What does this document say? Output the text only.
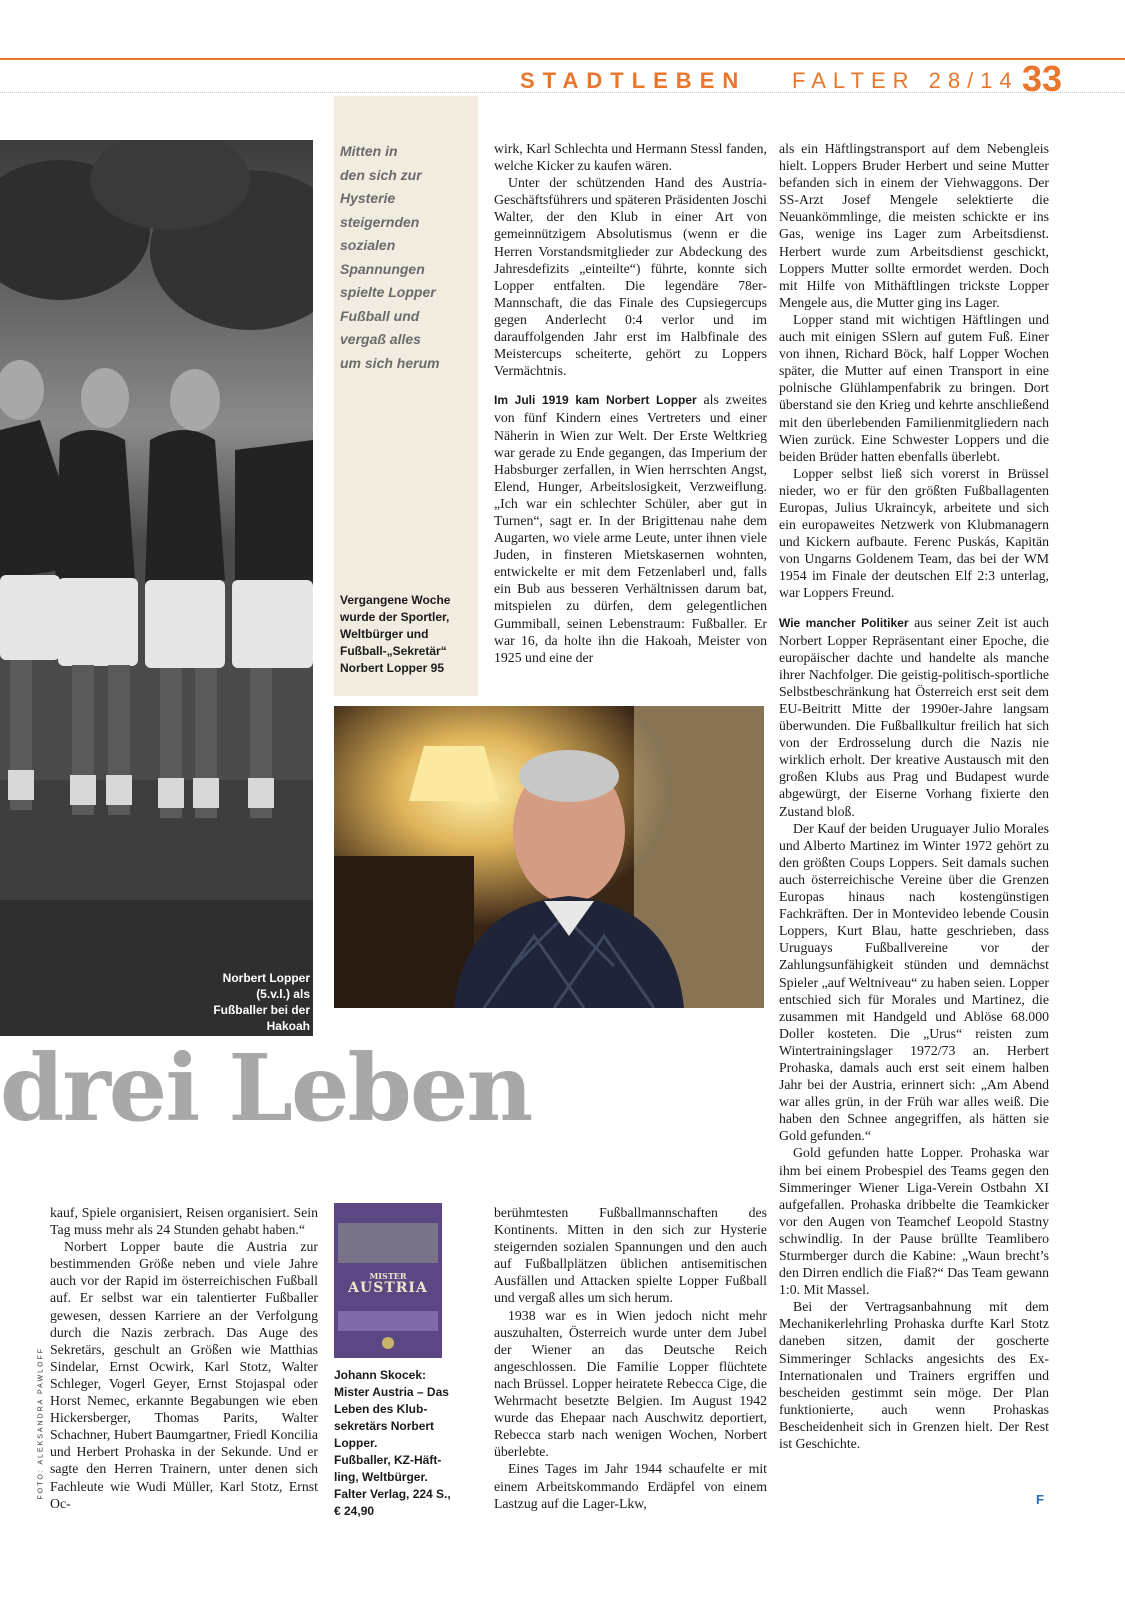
STADTLEBEN FALTER 28/14 33
Norbert Lopper (5.v.l.) als Fußballer bei der Hakoah
Mitten in
den sich zur
Hysterie
steigernden
sozialen
Spannungen
spielte Lopper
Fußball und
vergaß alles
um sich herum
Vergangene Woche
wurde der Sportler,
Weltbürger und
Fußball-„Sekretär“
Norbert Lopper 95
drei Leben

wirk, Karl Schlechta und Hermann Stessl fanden, welche Kicker zu kaufen wären.

Unter der schützenden Hand des Austria-Geschäftsführers und späteren Präsidenten Joschi Walter, der den Klub in einer Art von gemeinnützigem Absolutismus (wenn er die Herren Vorstandsmitglieder zur Abdeckung des Jahresdefizits „einteilte“) führte, konnte sich Lopper entfalten. Die legendäre 78er-Mannschaft, die das Finale des Cupsiegercups gegen Anderlecht 0:4 verlor und im darauffolgenden Jahr erst im Halbfinale des Meistercups scheiterte, gehört zu Loppers Vermächtnis.

Im Juli 1919 kam Norbert Lopper als zweites von fünf Kindern eines Vertreters und einer Näherin in Wien zur Welt. Der Erste Weltkrieg war gerade zu Ende gegangen, das Imperium der Habsburger zerfallen, in Wien herrschten Angst, Elend, Hunger, Arbeitslosigkeit, Verzweiflung. „Ich war ein schlechter Schüler, aber gut in Turnen“, sagt er. In der Brigittenau nahe dem Augarten, wo viele arme Leute, unter ihnen viele Juden, in finsteren Mietskasernen wohnten, entwickelte er mit dem Fetzenlaberl und, falls ein Bub aus besseren Verhältnissen darum bat, mitspielen zu dürfen, dem gelegentlichen Gummiball, seinen Lebenstraum: Fußballer. Er war 16, da holte ihn die Hakoah, Meister von 1925 und eine der

als ein Häftlingstransport auf dem Nebengleis hielt. Loppers Bruder Herbert und seine Mutter befanden sich in einem der Viehwaggons. Der SS-Arzt Josef Mengele selektierte die Neuankömmlinge, die meisten schickte er ins Gas, wenige ins Lager zum Arbeitsdienst. Herbert wurde zum Arbeitsdienst geschickt, Loppers Mutter sollte ermordet werden. Doch mit Hilfe von Mithäftlingen trickste Lopper Mengele aus, die Mutter ging ins Lager.

Lopper stand mit wichtigen Häftlingen und auch mit einigen SSlern auf gutem Fuß. Einer von ihnen, Richard Böck, half Lopper Wochen später, die Mutter auf einen Transport in eine polnische Glühlampenfabrik zu bringen. Dort überstand sie den Krieg und kehrte anschließend mit den überlebenden Familienmitgliedern nach Wien zurück. Eine Schwester Loppers und die beiden Brüder hatten ebenfalls überlebt.

Lopper selbst ließ sich vorerst in Brüssel nieder, wo er für den größten Fußballagenten Europas, Julius Ukraincyk, arbeitete und sich ein europaweites Netzwerk von Klubmanagern und Kickern aufbaute. Ferenc Puskás, Kapitän von Ungarns Goldenem Team, das bei der WM 1954 im Finale der deutschen Elf 2:3 unterlag, war Loppers Freund.

Wie mancher Politiker aus seiner Zeit ist auch Norbert Lopper Repräsentant einer Epoche, die europäischer dachte und handelte als manche ihrer Nachfolger. Die geistig-politisch-sportliche Selbstbeschränkung hat Österreich erst seit dem EU-Beitritt Mitte der 1990er-Jahre langsam überwunden. Die Fußballkultur freilich hat sich von der Erdrosselung durch die Nazis nie wirklich erholt. Der kreative Austausch mit den großen Klubs aus Prag und Budapest wurde abgewürgt, der Eiserne Vorhang fixierte den Zustand bloß.

Der Kauf der beiden Uruguayer Julio Morales und Alberto Martinez im Winter 1972 gehört zu den größten Coups Loppers. Seit damals suchen auch österreichische Vereine über die Grenzen Europas hinaus nach kostengünstigen Fachkräften. Der in Montevideo lebende Cousin Loppers, Kurt Blau, hatte geschrieben, dass Uruguays Fußballvereine vor der Zahlungsunfähigkeit stünden und demnächst Spieler „auf Weltniveau“ zu haben seien. Lopper entschied sich für Morales und Martinez, die zusammen mit Handgeld und Ablöse 68.000 Doller kosteten. Die „Urus“ reisten zum Wintertrainingslager 1972/73 an. Herbert Prohaska, damals auch erst seit einem halben Jahr bei der Austria, erinnert sich: „Am Abend war alles grün, in der Früh war alles weiß. Die haben den Schnee angegriffen, als hätten sie Gold gefunden.“

Gold gefunden hatte Lopper. Prohaska war ihm bei einem Probespiel des Teams gegen den Simmeringer Wiener Liga-Verein Ostbahn XI aufgefallen. Prohaska dribbelte die Teamkicker vor den Augen von Teamchef Leopold Stastny schwindlig. In der Pause brüllte Teamlibero Sturmberger durch die Kabine: „Waun brecht’s den Dirren endlich die Fiaß?“ Das Team gewann 1:0. Mit Massel.

Bei der Vertragsanbahnung mit dem Mechanikerlehrling Prohaska durfte Karl Stotz daneben sitzen, damit der goscherte Simmeringer Schlacks angesichts des Ex-Internationalen und Trainers ergriffen und bescheiden gestimmt sein möge. Der Plan funktionierte, auch wenn Prohaskas Bescheidenheit sich in Grenzen hielt. Der Rest ist Geschichte.

F

kauf, Spiele organisiert, Reisen organisiert. Sein Tag muss mehr als 24 Stunden gehabt haben.“

Norbert Lopper baute die Austria zur bestimmenden Größe neben und viele Jahre auch vor der Rapid im österreichischen Fußball auf. Er selbst war ein talentierter Fußballer gewesen, dessen Karriere an der Verfolgung durch die Nazis zerbrach. Das Auge des Sekretärs, geschult an Größen wie Matthias Sindelar, Ernst Ocwirk, Karl Stotz, Walter Schleger, Vogerl Geyer, Ernst Stojaspal oder Horst Nemec, erkannte Begabungen wie eben Hickersberger, Thomas Parits, Walter Schachner, Hubert Baumgartner, Friedl Koncilia und Herbert Prohaska in der Sekunde. Und er sagte den Herren Trainern, unter denen sich Fachleute wie Wudi Müller, Karl Stotz, Ernst Oc-

FOTO: ALEKSANDRA PAWLOFF
MISTER
AUSTRIA
Johann Skocek:
Mister Austria – Das
Leben des Klub-
sekretärs Norbert
Lopper.
Fußballer, KZ-Häft-
ling, Weltbürger.
Falter Verlag, 224 S.,
€ 24,90

berühmtesten Fußballmannschaften des Kontinents. Mitten in den sich zur Hysterie steigernden sozialen Spannungen und den auch auf Fußballplätzen üblichen antisemitischen Ausfällen und Attacken spielte Lopper Fußball und vergaß alles um sich herum.

1938 war es in Wien jedoch nicht mehr auszuhalten, Österreich wurde unter dem Jubel der Wiener an das Deutsche Reich angeschlossen. Die Familie Lopper flüchtete nach Brüssel. Lopper heiratete Rebecca Cige, die Wehrmacht besetzte Belgien. Im August 1942 wurde das Ehepaar nach Auschwitz deportiert, Rebecca starb nach wenigen Wochen, Norbert überlebte.

Eines Tages im Jahr 1944 schaufelte er mit einem Arbeitskommando Erdäpfel von einem Lastzug auf die Lager-Lkw,
